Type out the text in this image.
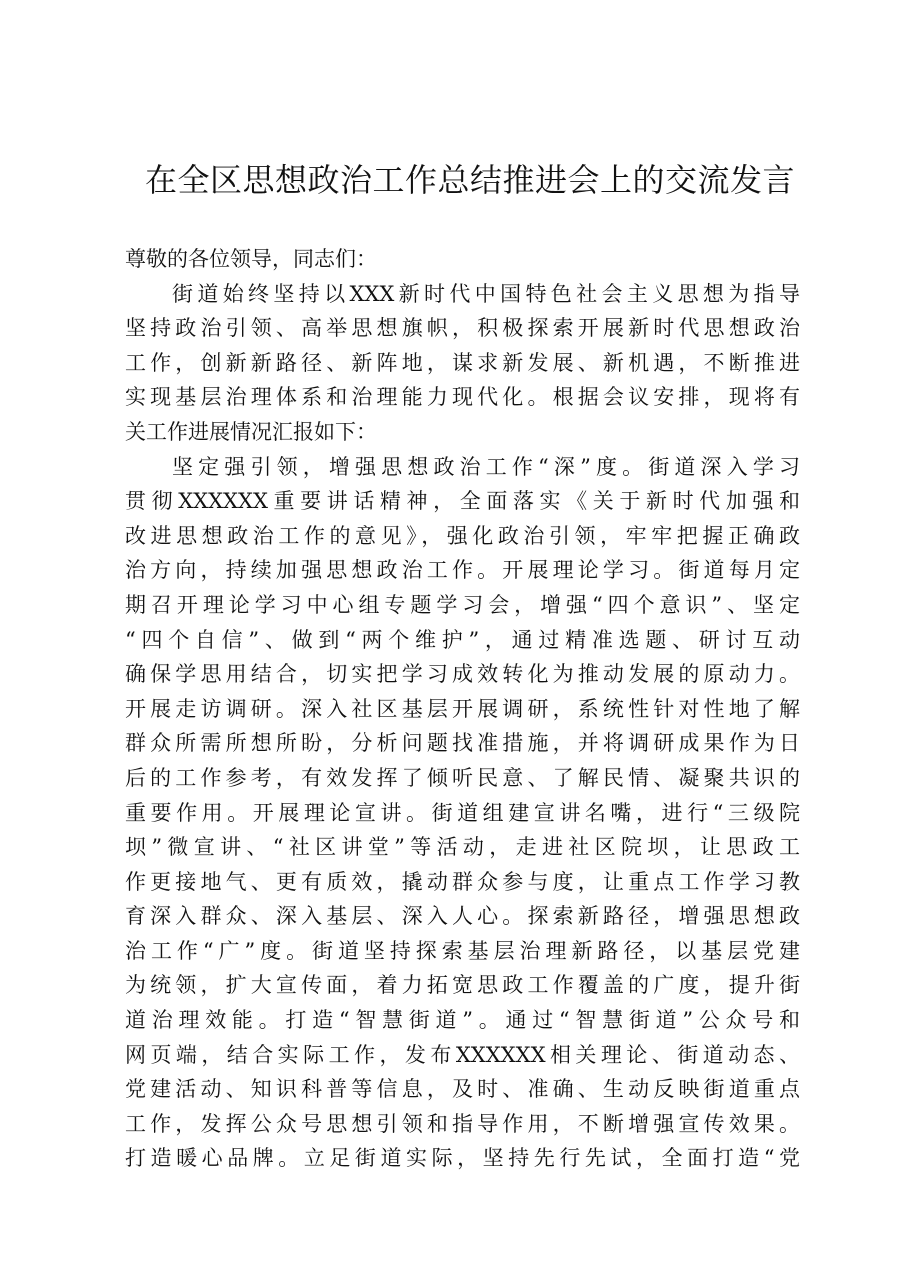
在全区思想政治工作总结推进会上的交流发言
尊敬的各位领导，同志们：
街道始终坚持以XXX新时代中国特色社会主义思想为指导
坚持政治引领、高举思想旗帜，积极探索开展新时代思想政治
工作，创新新路径、新阵地，谋求新发展、新机遇，不断推进
实现基层治理体系和治理能力现代化。根据会议安排，现将有
关工作进展情况汇报如下：
坚定强引领，增强思想政治工作“深”度。街道深入学习
贯彻XXXXXX重要讲话精神，全面落实《关于新时代加强和
改进思想政治工作的意见》，强化政治引领，牢牢把握正确政
治方向，持续加强思想政治工作。开展理论学习。街道每月定
期召开理论学习中心组专题学习会，增强“四个意识”、坚定
“四个自信”、做到“两个维护”，通过精准选题、研讨互动
确保学思用结合，切实把学习成效转化为推动发展的原动力。
开展走访调研。深入社区基层开展调研，系统性针对性地了解
群众所需所想所盼，分析问题找准措施，并将调研成果作为日
后的工作参考，有效发挥了倾听民意、了解民情、凝聚共识的
重要作用。开展理论宣讲。街道组建宣讲名嘴，进行“三级院
坝”微宣讲、“社区讲堂”等活动，走进社区院坝，让思政工
作更接地气、更有质效，撬动群众参与度，让重点工作学习教
育深入群众、深入基层、深入人心。探索新路径，增强思想政
治工作“广”度。街道坚持探索基层治理新路径，以基层党建
为统领，扩大宣传面，着力拓宽思政工作覆盖的广度，提升街
道治理效能。打造“智慧街道”。通过“智慧街道”公众号和
网页端，结合实际工作，发布XXXXXX相关理论、街道动态、
党建活动、知识科普等信息，及时、准确、生动反映街道重点
工作，发挥公众号思想引领和指导作用，不断增强宣传效果。
打造暖心品牌。立足街道实际，坚持先行先试，全面打造“党
